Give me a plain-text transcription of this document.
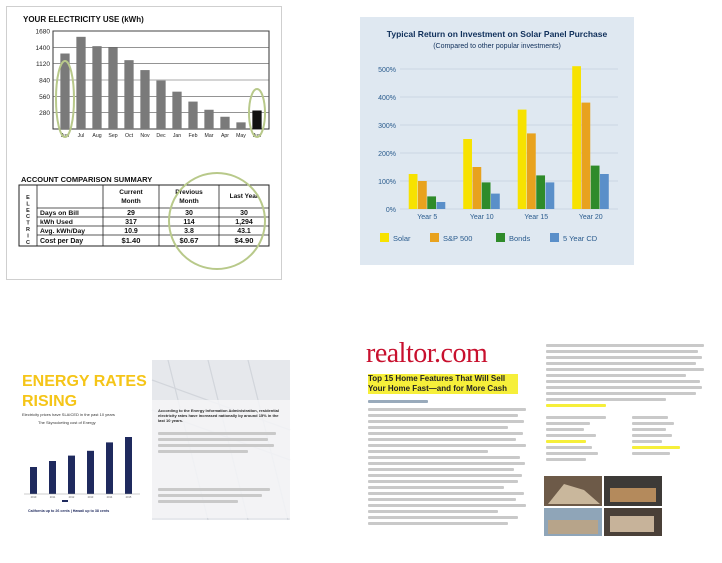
YOUR ELECTRICITY USE (kWh)
1680
1400
1120
840
560
280
Jun Jul Aug Sep Oct Nov Dec Jan Feb Mar Apr May Jun
ACCOUNT COMPARISON SUMMARY
E
L
E
C
T
R
I
C
Current
Month
Previous
Month
Last Year
Days on Bill	29	30	30
kWh Used	317	114	1,294
Avg. kWh/Day	10.9	3.8	43.1
Cost per Day	$1.40	$0.67	$4.90
Typical Return on Investment on Solar Panel Purchase
(Compared to other popular investments)
500%
400%
300%
200%
100%
0%
Year 5	Year 10	Year 15	Year 20
Solar	S&P 500	Bonds	5 Year CD
ENERGY RATES
RISING
Electricity prices have SLAICED in the past 10 years
The Skyrocketing cost of Energy
2010	2011	2012	2013	2014	2015
California up to 26 cents | Hawaii up to 38 cents
According to the Energy Information Administration, residential electricity rates have increased nationally by around 15% in the last 10 years.
realtor.com
Top 15 Home Features That Will Sell Your Home Fast—and for More Cash
